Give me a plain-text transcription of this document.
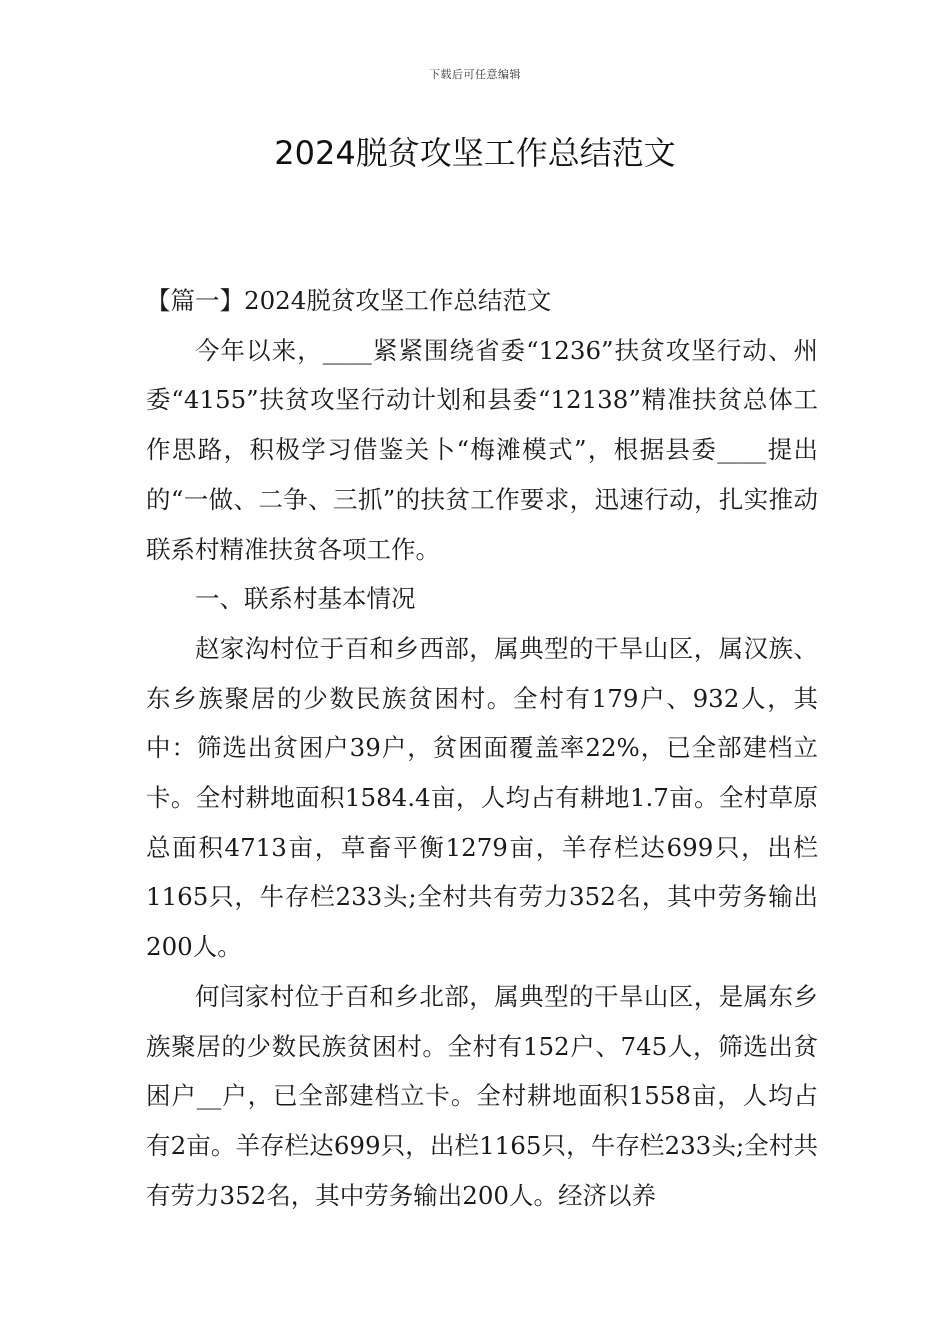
下载后可任意编辑
2024脱贫攻坚工作总结范文

【篇一】2024脱贫攻坚工作总结范文

今年以来，____紧紧围绕省委“1236”扶贫攻坚行动、州委“4155”扶贫攻坚行动计划和县委“12138”精准扶贫总体工作思路，积极学习借鉴关卜“梅滩模式”，根据县委____提出的“一做、二争、三抓”的扶贫工作要求，迅速行动，扎实推动联系村精准扶贫各项工作。

一、联系村基本情况

赵家沟村位于百和乡西部，属典型的干旱山区，属汉族、东乡族聚居的少数民族贫困村。全村有179户、932人，其中：筛选出贫困户39户，贫困面覆盖率22%，已全部建档立卡。全村耕地面积1584.4亩，人均占有耕地1.7亩。全村草原总面积4713亩，草畜平衡1279亩，羊存栏达699只，出栏1165只，牛存栏233头;全村共有劳力352名，其中劳务输出200人。

何闫家村位于百和乡北部，属典型的干旱山区，是属东乡族聚居的少数民族贫困村。全村有152户、745人，筛选出贫困户__户，已全部建档立卡。全村耕地面积1558亩，人均占有2亩。羊存栏达699只，出栏1165只，牛存栏233头;全村共有劳力352名，其中劳务输出200人。经济以养
